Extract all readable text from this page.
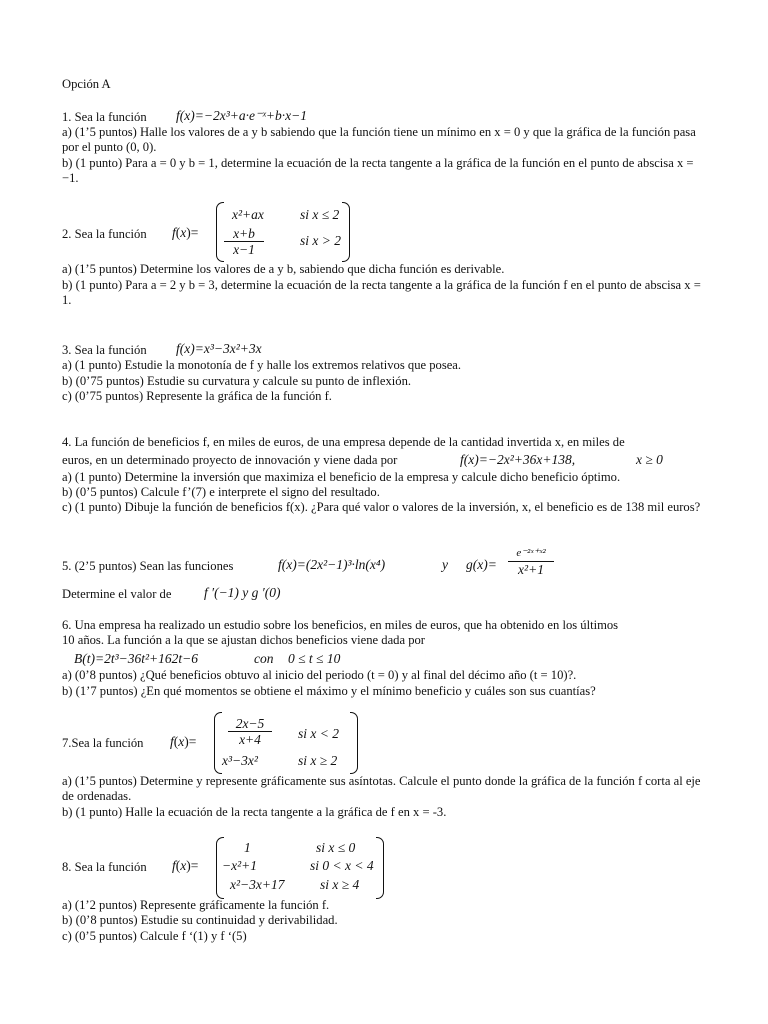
Opción A
1. Sea la función f(x)=−2x³+a·e⁻ˣ+b·x−1
a) (1’5 puntos) Halle los valores de a y b sabiendo que la función tiene un mínimo en x = 0 y que la gráfica de la función pasa por el punto (0, 0).
b) (1 punto) Para a = 0 y b = 1, determine la ecuación de la recta tangente a la gráfica de la función en el punto de abscisa x = −1.
2. Sea la función f(x)=
x²+ax	si x ≤ 2
$\frac{x+b}{x-1}$	si x > 2
a) (1’5 puntos) Determine los valores de a y b, sabiendo que dicha función es derivable.
b) (1 punto) Para a = 2 y b = 3, determine la ecuación de la recta tangente a la gráfica de la función f en el punto de abscisa x = 1.
3. Sea la función f(x)=x³−3x²+3x
a) (1 punto) Estudie la monotonía de f y halle los extremos relativos que posea.
b) (0’75 puntos) Estudie su curvatura y calcule su punto de inflexión.
c) (0’75 puntos) Represente la gráfica de la función f.
4. La función de beneficios f, en miles de euros, de una empresa depende de la cantidad invertida x, en miles de
euros, en un determinado proyecto de innovación y viene dada por	f(x)=−2x²+36x+138,	x ≥ 0
a) (1 punto) Determine la inversión que maximiza el beneficio de la empresa y calcule dicho beneficio óptimo.
b) (0’5 puntos) Calcule f’(7) e interprete el signo del resultado.
c) (1 punto) Dibuje la función de beneficios f(x). ¿Para qué valor o valores de la inversión, x, el beneficio es de 138 mil euros?
5. (2’5 puntos) Sean las funciones	f(x)=(2x²−1)³·ln(x⁴)	y g(x)=
e⁻²ˣ⁺ˣ²
x²+1
Determine el valor de f ′(−1) y g ′(0)
6. Una empresa ha realizado un estudio sobre los beneficios, en miles de euros, que ha obtenido en los últimos
10 años. La función a la que se ajustan dichos beneficios viene dada por
B(t)=2t³−36t²+162t−6	con 0 ≤ t ≤ 10
a) (0’8 puntos) ¿Qué beneficios obtuvo al inicio del periodo (t = 0) y al final del décimo año (t = 10)?.
b) (1’7 puntos) ¿En qué momentos se obtiene el máximo y el mínimo beneficio y cuáles son sus cuantías?
7.Sea la función $f(x)= \frac{2x-5}{x+4}$ si x < 2
x³−3x²	si x ≥ 2
a) (1’5 puntos) Determine y represente gráficamente sus asíntotas. Calcule el punto donde la gráfica de la función f corta al eje de ordenadas.
b) (1 punto) Halle la ecuación de la recta tangente a la gráfica de f en x = -3.
8. Sea la función f(x)=
1	si x ≤ 0
−x²+1	si 0 < x < 4
x²−3x+17	si x ≥ 4
a) (1’2 puntos) Represente gráficamente la función f.
b) (0’8 puntos) Estudie su continuidad y derivabilidad.
c) (0’5 puntos) Calcule f ‘(1) y f ‘(5)
